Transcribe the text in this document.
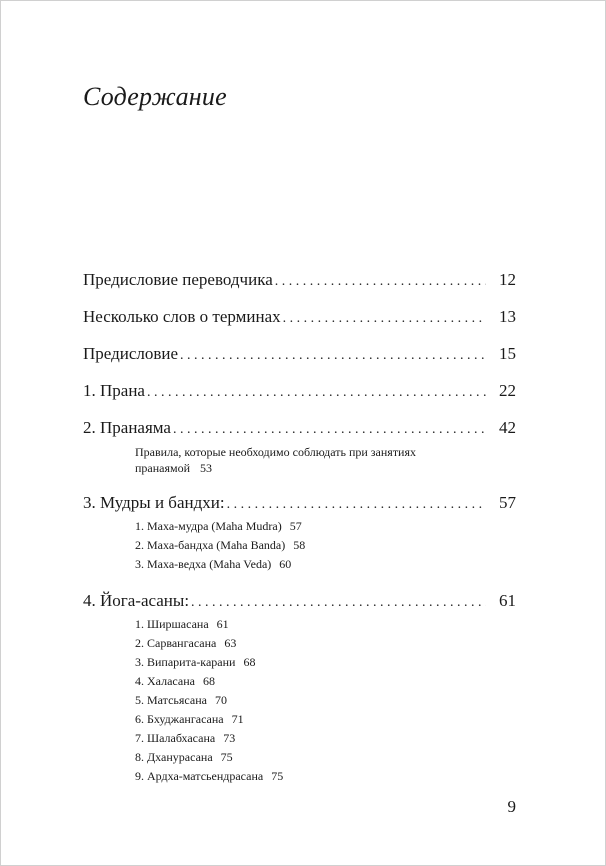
Содержание
Предисловие переводчика . . .	12
Несколько слов о терминах . . .	13
Предисловие . . .	15
1. Прана . . .	22
2. Пранаяма . . .	42
Правила, которые необходимо соблюдать при занятиях пранаямой 53
3. Мудры и бандхи: . . .	57
1. Маха-мудра (Maha Mudra) 57
2. Маха-бандха (Maha Banda) 58
3. Маха-ведха (Maha Veda) 60
4. Йога-асаны: . . .	61
1. Ширшасана 61
2. Сарвангасана 63
3. Випарита-карани 68
4. Халасана 68
5. Матсьясана 70
6. Бхуджангасана 71
7. Шалабхасана 73
8. Дханурасана 75
9. Ардха-матсьендрасана 75
9
